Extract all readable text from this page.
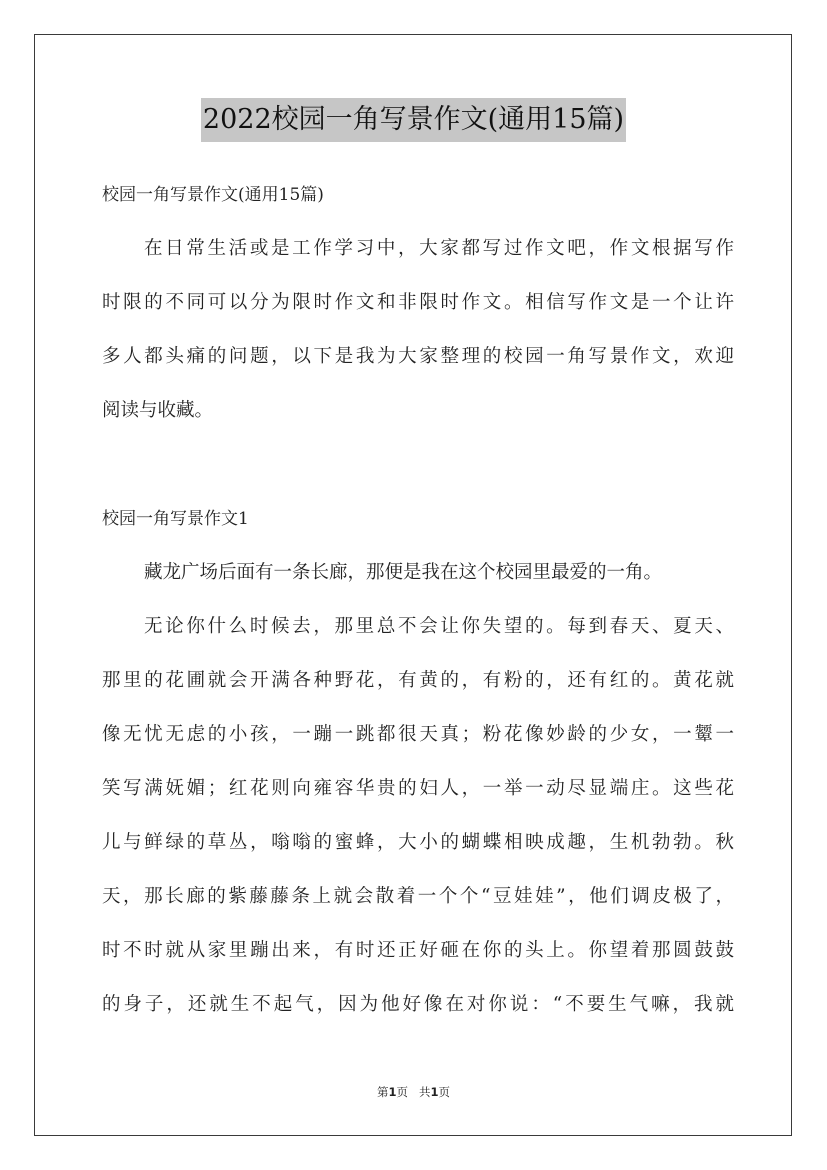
2022校园一角写景作文(通用15篇)
校园一角写景作文(通用15篇)
在日常生活或是工作学习中，大家都写过作文吧，作文根据写作
时限的不同可以分为限时作文和非限时作文。相信写作文是一个让许
多人都头痛的问题，以下是我为大家整理的校园一角写景作文，欢迎
阅读与收藏。
校园一角写景作文1
藏龙广场后面有一条长廊，那便是我在这个校园里最爱的一角。
无论你什么时候去，那里总不会让你失望的。每到春天、夏天、
那里的花圃就会开满各种野花，有黄的，有粉的，还有红的。黄花就
像无忧无虑的小孩，一蹦一跳都很天真；粉花像妙龄的少女，一颦一
笑写满妩媚；红花则向雍容华贵的妇人，一举一动尽显端庄。这些花
儿与鲜绿的草丛，嗡嗡的蜜蜂，大小的蝴蝶相映成趣，生机勃勃。秋
天，那长廊的紫藤藤条上就会散着一个个“豆娃娃”，他们调皮极了，
时不时就从家里蹦出来，有时还正好砸在你的头上。你望着那圆鼓鼓
的身子，还就生不起气，因为他好像在对你说：“不要生气嘛，我就
第1页 共1页
